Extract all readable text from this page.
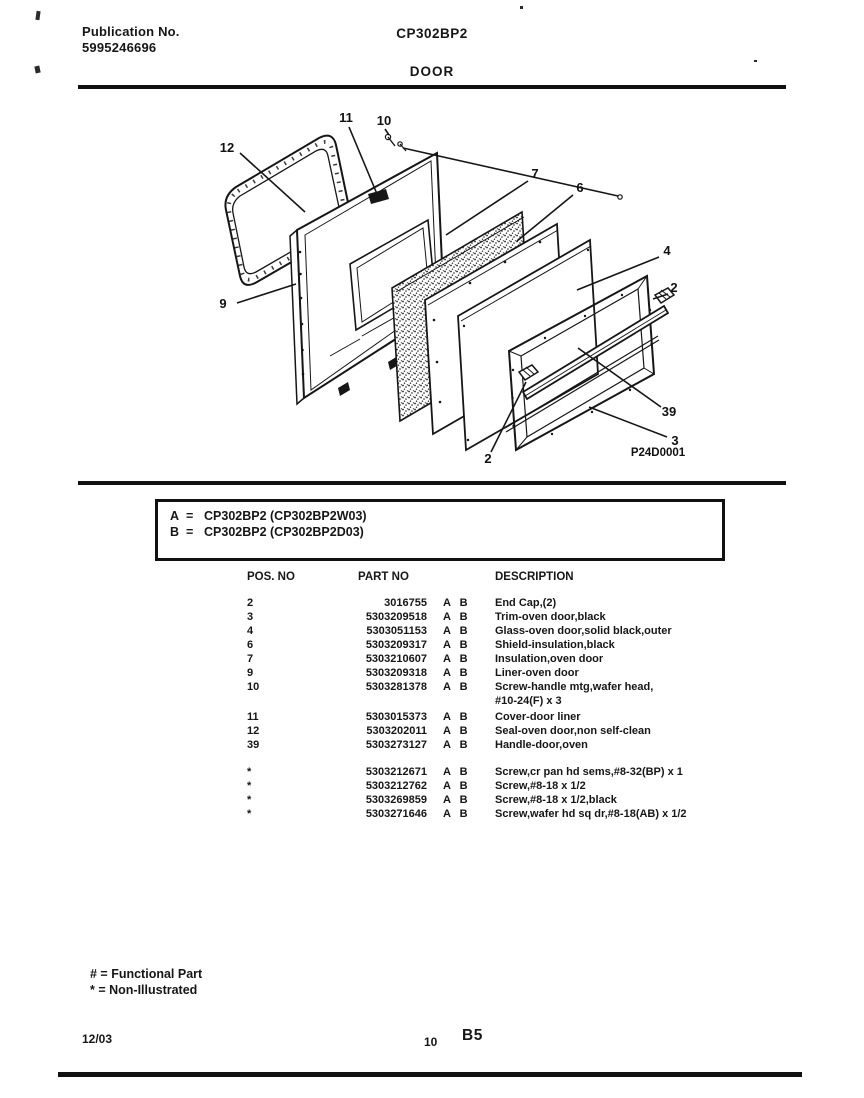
Publication No.
5995246696
CP302BP2
DOOR
12
11 10
7
6
4
2
9
39
3
2	P24D0001
A = CP302BP2 (CP302BP2W03)
B = CP302BP2 (CP302BP2D03)
POS. NO	PART NO	DESCRIPTION
2	3016755	A B	End Cap,(2)
3	5303209518	A B	Trim-oven door,black
4	5303051153	A B	Glass-oven door,solid black,outer
6	5303209317	A B	Shield-insulation,black
7	5303210607	A B	Insulation,oven door
9	5303209318	A B	Liner-oven door
10	5303281378	A B	Screw-handle mtg,wafer head,
#10-24(F) x 3
11	5303015373	A B	Cover-door liner
12	5303202011	A B	Seal-oven door,non self-clean
39	5303273127	A B	Handle-door,oven
*	5303212671	A B	Screw,cr pan hd sems,#8-32(BP) x 1
*	5303212762	A B	Screw,#8-18 x 1/2
*	5303269859	A B	Screw,#8-18 x 1/2,black
*	5303271646	A B	Screw,wafer hd sq dr,#8-18(AB) x 1/2
# = Functional Part
* = Non-Illustrated
12/03	10 B5
